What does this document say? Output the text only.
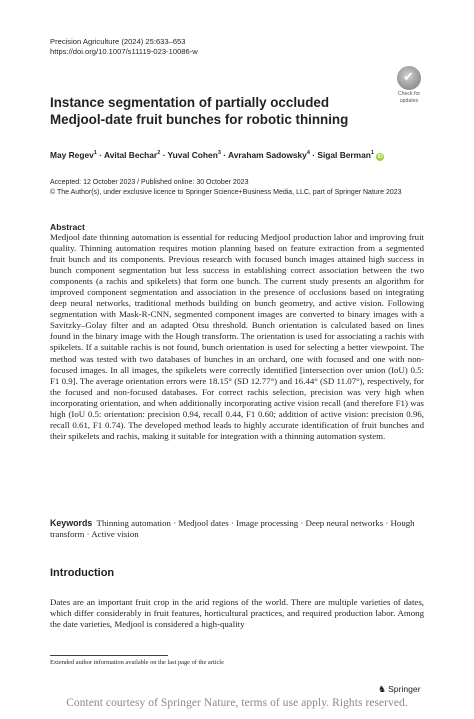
Precision Agriculture (2024) 25:633–653
https://doi.org/10.1007/s11119-023-10086-w
✔
Check for
updates
Instance segmentation of partially occluded Medjool-date fruit bunches for robotic thinning
May Regev$^1$ · Avital Bechar$^2$ · Yuval Cohen$^3$ · Avraham Sadowsky$^4$ · Sigal Berman$^1$ iD
Accepted: 12 October 2023 / Published online: 30 October 2023
© The Author(s), under exclusive licence to Springer Science+Business Media, LLC, part of Springer Nature 2023
Abstract
Medjool date thinning automation is essential for reducing Medjool production labor and improving fruit quality. Thinning automation requires motion planning based on feature extraction from a segmented fruit bunch and its components. Previous research with focused bunch images attained high success in bunch component segmentation but less success in establishing correct association between the two components (a rachis and spikelets) that form one bunch. The current study presents an algorithm for improved component segmentation and association in the presence of occlusions based on integrating deep neural networks, traditional methods building on bunch geometry, and active vision. Following segmentation with Mask-R-CNN, segmented component images are converted to binary images with a Savitzky–Golay filter and an adapted Otsu threshold. Bunch orientation is calculated based on lines found in the binary image with the Hough transform. The orientation is used for associating a rachis with spikelets. If a suitable rachis is not found, bunch orientation is used for selecting a better viewpoint. The method was tested with two databases of bunches in an orchard, one with focused and one with non-focused images. In all images, the spikelets were correctly identified [intersection over union (IoU) 0.5: F1 0.9]. The average orientation errors were 18.15° (SD 12.77°) and 16.44° (SD 11.07°), respectively, for the focused and non-focused databases. For correct rachis selection, precision was very high when incorporating orientation, and when additionally incorporating active vision recall (and therefore F1) was high (IoU 0.5: orientation: precision 0.94, recall 0.44, F1 0.60; addition of active vision: precision 0.96, recall 0.61, F1 0.74). The developed method leads to highly accurate identification of fruit bunches and their spikelets and rachis, making it suitable for integration with a thinning automation system.
Keywords Thinning automation · Medjool dates · Image processing · Deep neural networks · Hough transform · Active vision
Introduction
Dates are an important fruit crop in the arid regions of the world. There are multiple varieties of dates, which differ considerably in fruit features, horticultural practices, and required production labor. Among the date varieties, Medjool is considered a high-quality
Extended author information available on the last page of the article
♞ Springer
Content courtesy of Springer Nature, terms of use apply. Rights reserved.
